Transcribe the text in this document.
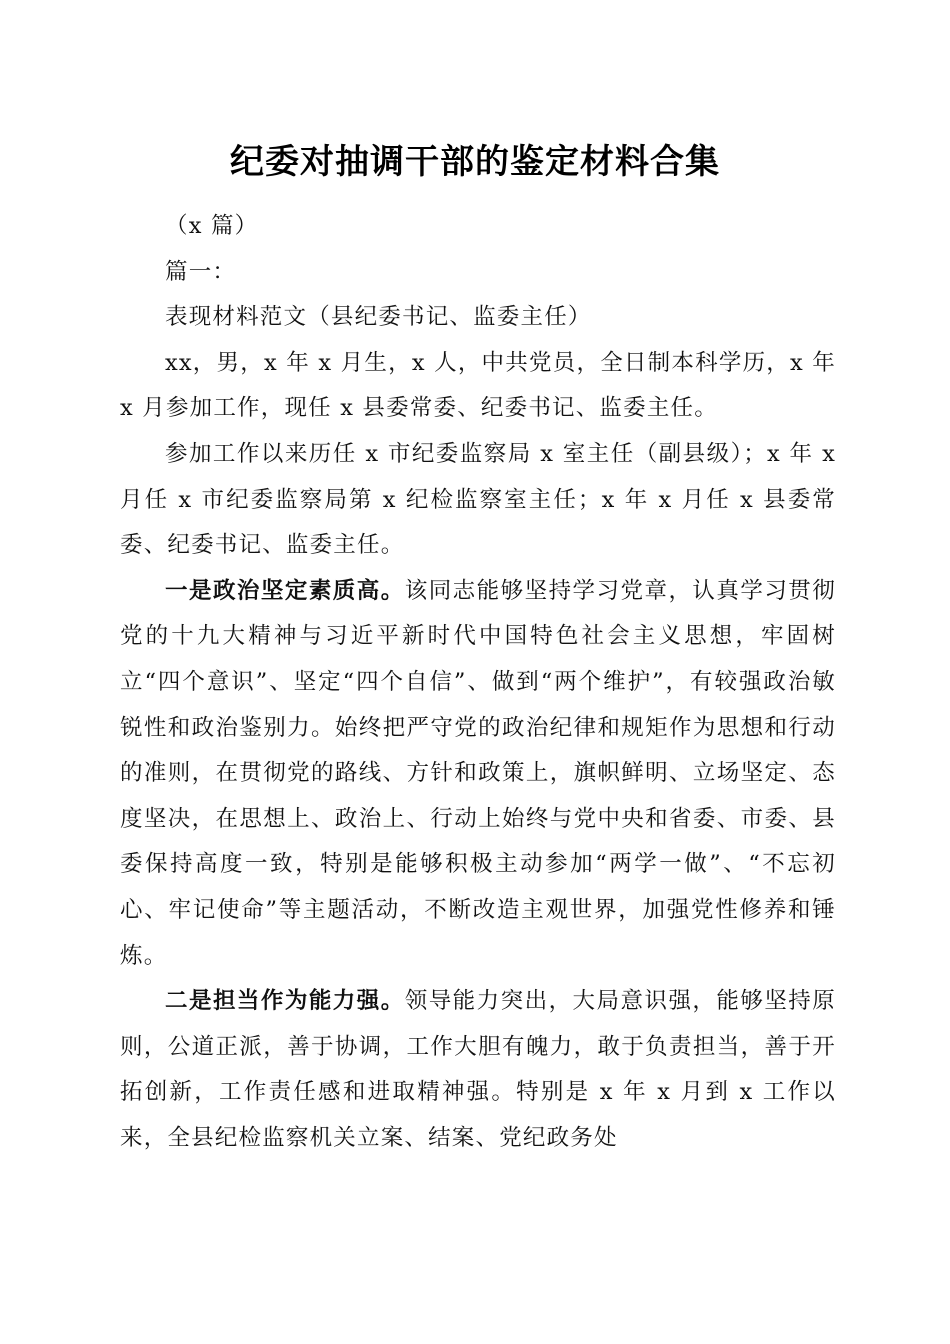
纪委对抽调干部的鉴定材料合集

（x 篇）

篇一：

表现材料范文（县纪委书记、监委主任）

xx，男，x 年 x 月生，x 人，中共党员，全日制本科学历，x 年 x 月参加工作，现任 x 县委常委、纪委书记、监委主任。

参加工作以来历任 x 市纪委监察局 x 室主任（副县级）；x 年 x 月任 x 市纪委监察局第 x 纪检监察室主任；x 年 x 月任 x 县委常委、纪委书记、监委主任。

一是政治坚定素质高。该同志能够坚持学习党章，认真学习贯彻党的十九大精神与习近平新时代中国特色社会主义思想，牢固树立“四个意识”、坚定“四个自信”、做到“两个维护”，有较强政治敏锐性和政治鉴别力。始终把严守党的政治纪律和规矩作为思想和行动的准则，在贯彻党的路线、方针和政策上，旗帜鲜明、立场坚定、态度坚决，在思想上、政治上、行动上始终与党中央和省委、市委、县委保持高度一致，特别是能够积极主动参加“两学一做”、“不忘初心、牢记使命”等主题活动，不断改造主观世界，加强党性修养和锤炼。

二是担当作为能力强。领导能力突出，大局意识强，能够坚持原则，公道正派，善于协调，工作大胆有魄力，敢于负责担当，善于开拓创新，工作责任感和进取精神强。特别是 x 年 x 月到 x 工作以来，全县纪检监察机关立案、结案、党纪政务处
